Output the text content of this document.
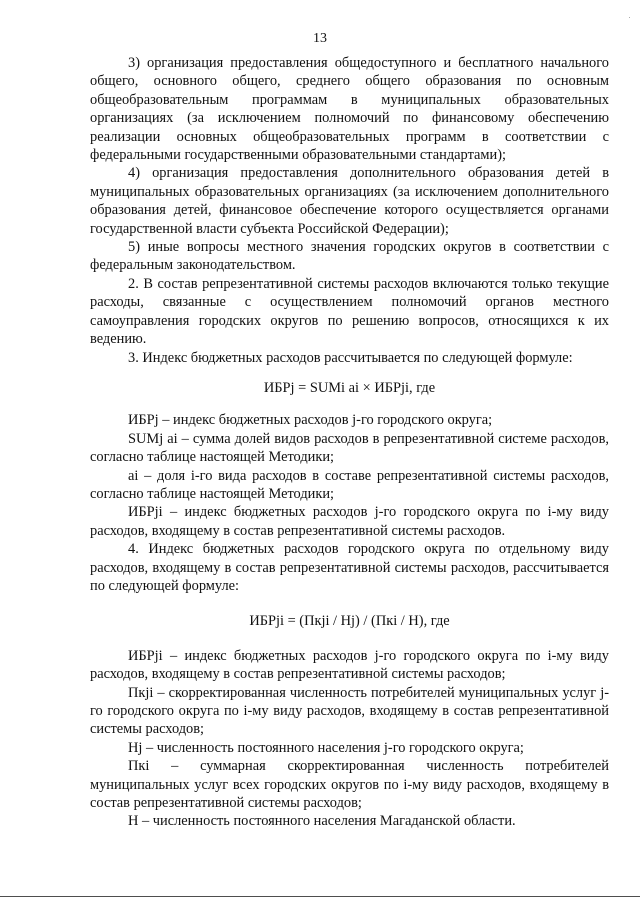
13

3) организация предоставления общедоступного и бесплатного начального общего, основного общего, среднего общего образования по основным общеобразовательным программам в муниципальных образовательных организациях (за исключением полномочий по финансовому обеспечению реализации основных общеобразовательных программ в соответствии с федеральными государственными образовательными стандартами);

4) организация предоставления дополнительного образования детей в муниципальных образовательных организациях (за исключением дополнительного образования детей, финансовое обеспечение которого осуществляется органами государственной власти субъекта Российской Федерации);

5) иные вопросы местного значения городских округов в соответствии с федеральным законодательством.

2. В состав репрезентативной системы расходов включаются только текущие расходы, связанные с осуществлением полномочий органов местного самоуправления городских округов по решению вопросов, относящихся к их ведению.

3. Индекс бюджетных расходов рассчитывается по следующей формуле:

ИБРj = SUMi ai × ИБРji, где

ИБРj – индекс бюджетных расходов j-го городского округа;

SUMj ai – сумма долей видов расходов в репрезентативной системе расходов, согласно таблице настоящей Методики;

ai – доля i-го вида расходов в составе репрезентативной системы расходов, согласно таблице настоящей Методики;

ИБРji – индекс бюджетных расходов j-го городского округа по i-му виду расходов, входящему в состав репрезентативной системы расходов.

4. Индекс бюджетных расходов городского округа по отдельному виду расходов, входящему в состав репрезентативной системы расходов, рассчитывается по следующей формуле:

ИБРji = (Пкji / Hj) / (Пкi / H), где

ИБРji – индекс бюджетных расходов j-го городского округа по i-му виду расходов, входящему в состав репрезентативной системы расходов;

Пкji – скорректированная численность потребителей муниципальных услуг j-го городского округа по i-му виду расходов, входящему в состав репрезентативной системы расходов;

Hj – численность постоянного населения j-го городского округа;

Пкi – суммарная скорректированная численность потребителей муниципальных услуг всех городских округов по i-му виду расходов, входящему в состав репрезентативной системы расходов;

H – численность постоянного населения Магаданской области.
